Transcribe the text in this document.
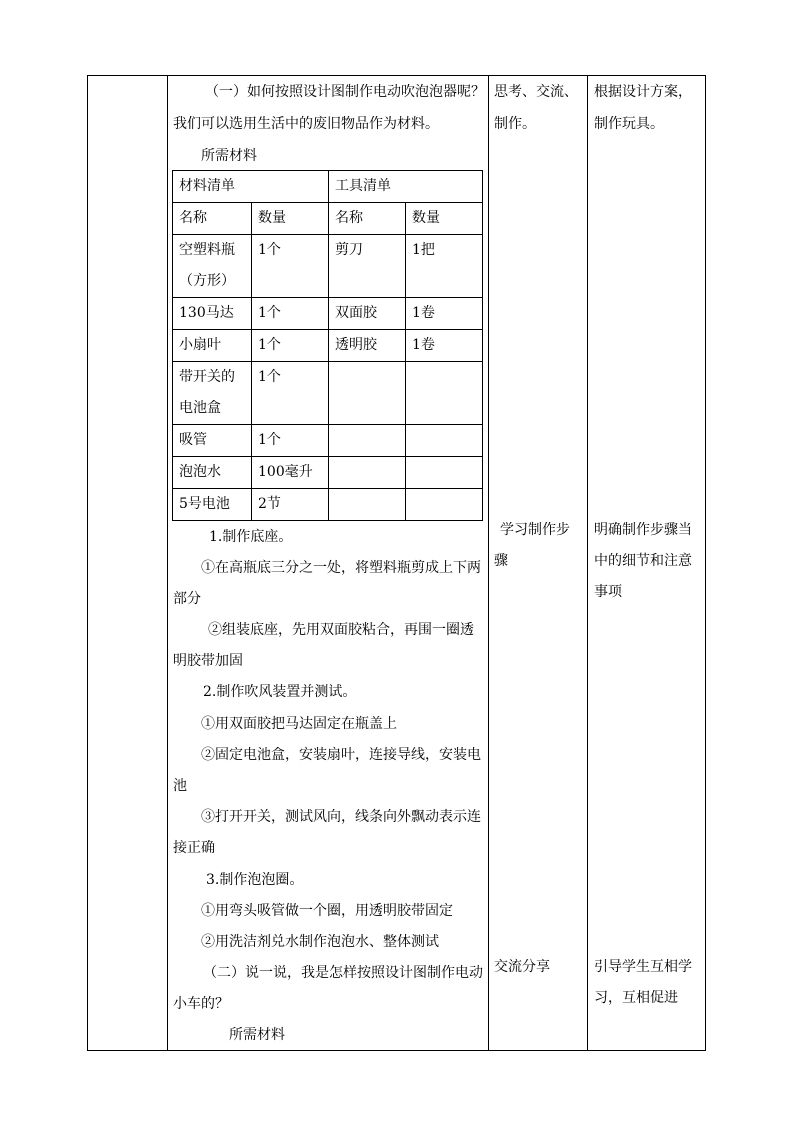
（一）如何按照设计图制作电动吹泡泡器呢？
我们可以选用生活中的废旧物品作为材料。
所需材料
材料清单		工具清单	
名称	数量	名称	数量
空塑料瓶
（方形）	1个	剪刀	1把
130马达	1个	双面胶	1卷
小扇叶	1个	透明胶	1卷
带开关的
电池盒	1个		
吸管	1个		
泡泡水	100毫升		
5号电池	2节		
1.制作底座。
①在高瓶底三分之一处，将塑料瓶剪成上下两
部分
②组装底座，先用双面胶粘合，再围一圈透
明胶带加固
2.制作吹风装置并测试。
①用双面胶把马达固定在瓶盖上
②固定电池盒，安装扇叶，连接导线，安装电
池
③打开开关，测试风向，线条向外飘动表示连
接正确
3.制作泡泡圈。
①用弯头吸管做一个圈，用透明胶带固定
②用洗洁剂兑水制作泡泡水、整体测试
（二）说一说，我是怎样按照设计图制作电动
小车的？
所需材料
思考、交流、
制作。
学习制作步
骤
交流分享
根据设计方案，
制作玩具。
明确制作步骤当
中的细节和注意
事项
引导学生互相学
习，互相促进
